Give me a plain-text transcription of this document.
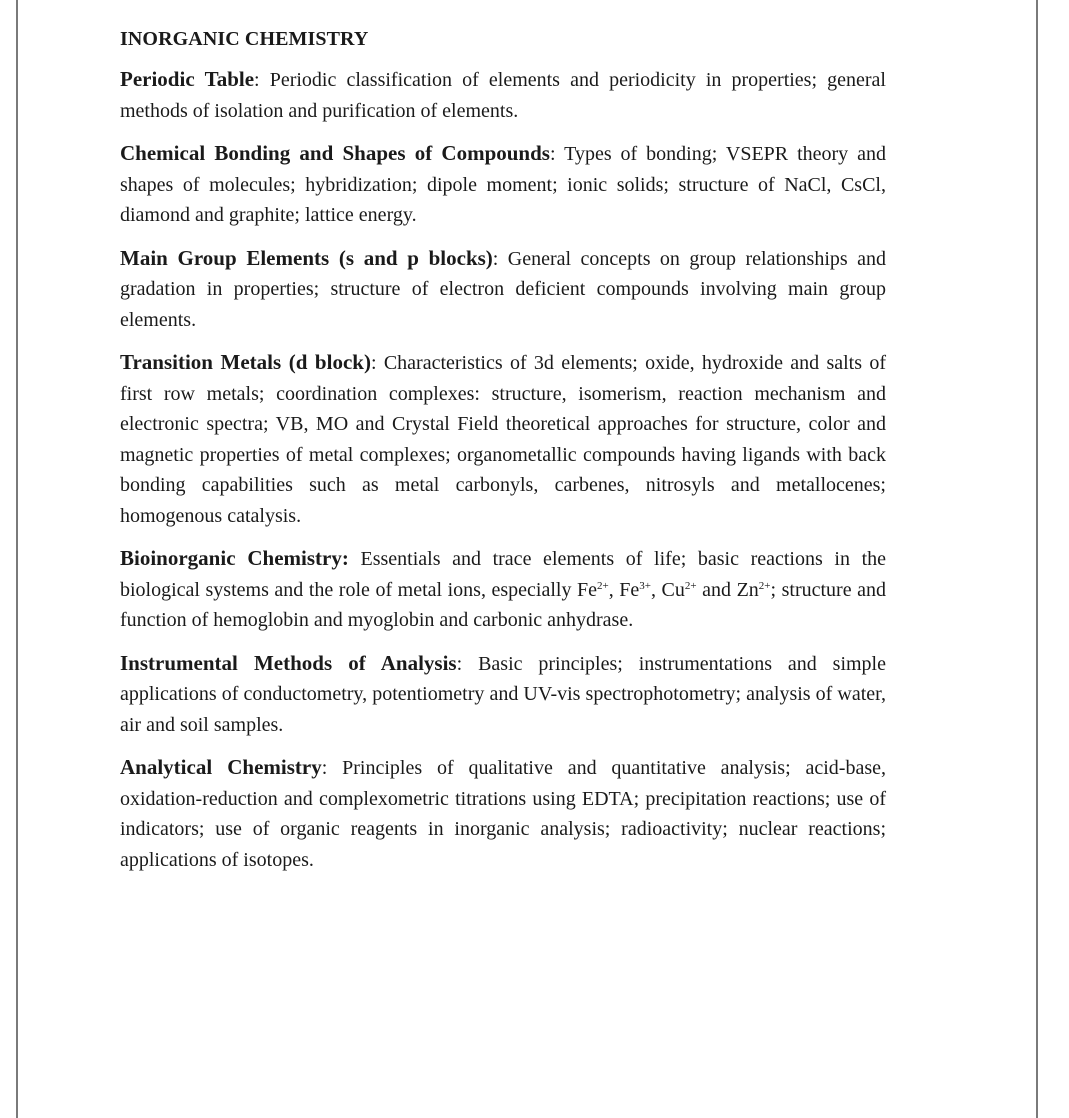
INORGANIC CHEMISTRY

Periodic Table: Periodic classification of elements and periodicity in properties; general methods of isolation and purification of elements.

Chemical Bonding and Shapes of Compounds: Types of bonding; VSEPR theory and shapes of molecules; hybridization; dipole moment; ionic solids; structure of NaCl, CsCl, diamond and graphite; lattice energy.

Main Group Elements (s and p blocks): General concepts on group relationships and gradation in properties; structure of electron deficient compounds involving main group elements.

Transition Metals (d block): Characteristics of 3d elements; oxide, hydroxide and salts of first row metals; coordination complexes: structure, isomerism, reaction mechanism and electronic spectra; VB, MO and Crystal Field theoretical approaches for structure, color and magnetic properties of metal complexes; organometallic compounds having ligands with back bonding capabilities such as metal carbonyls, carbenes, nitrosyls and metallocenes; homogenous catalysis.

Bioinorganic Chemistry: Essentials and trace elements of life; basic reactions in the biological systems and the role of metal ions, especially $Fe^{2+}$, $Fe^{3+}$, $Cu^{2+}$ and $Zn^{2+}$; structure and function of hemoglobin and myoglobin and carbonic anhydrase.

Instrumental Methods of Analysis: Basic principles; instrumentations and simple applications of conductometry, potentiometry and UV-vis spectrophotometry; analysis of water, air and soil samples.

Analytical Chemistry: Principles of qualitative and quantitative analysis; acid-base, oxidation-reduction and complexometric titrations using EDTA; precipitation reactions; use of indicators; use of organic reagents in inorganic analysis; radioactivity; nuclear reactions; applications of isotopes.
